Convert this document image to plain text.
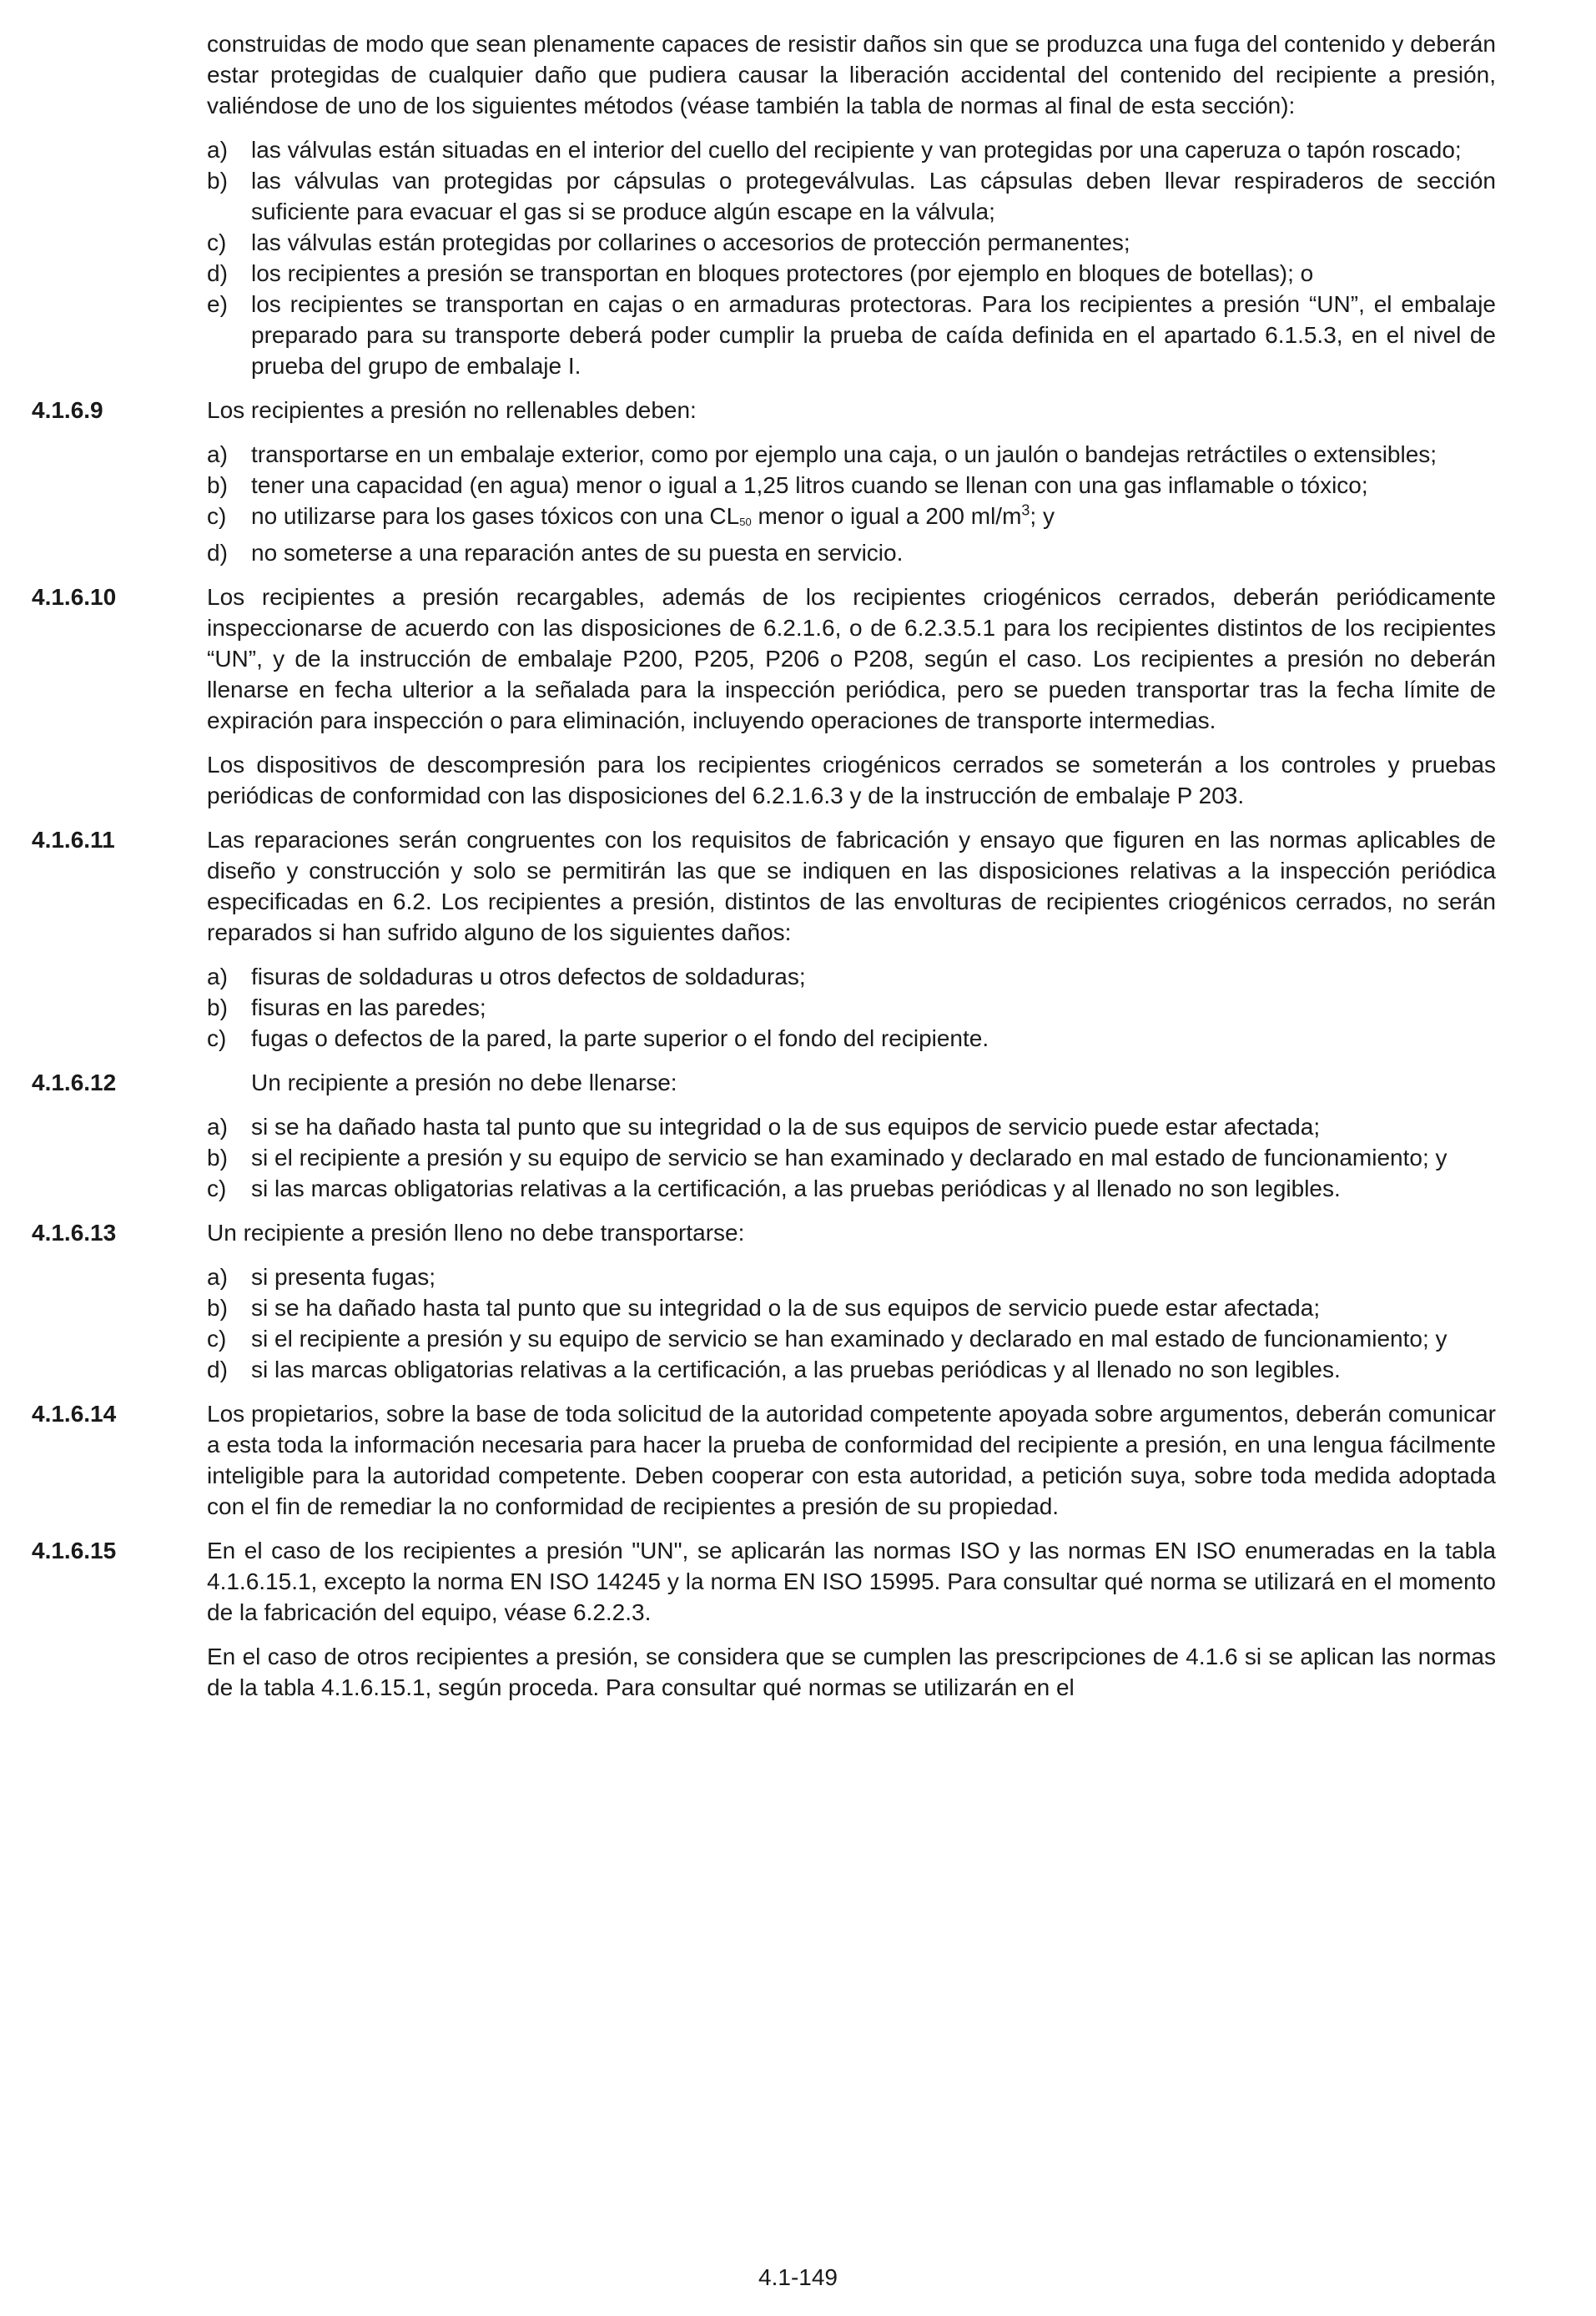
construidas de modo que sean plenamente capaces de resistir daños sin que se produzca una fuga del contenido y deberán estar protegidas de cualquier daño que pudiera causar la liberación accidental del contenido del recipiente a presión, valiéndose de uno de los siguientes métodos (véase también la tabla de normas al final de esta sección):
a) las válvulas están situadas en el interior del cuello del recipiente y van protegidas por una caperuza o tapón roscado;
b) las válvulas van protegidas por cápsulas o protegeválvulas. Las cápsulas deben llevar respiraderos de sección suficiente para evacuar el gas si se produce algún escape en la válvula;
c) las válvulas están protegidas por collarines o accesorios de protección permanentes;
d) los recipientes a presión se transportan en bloques protectores (por ejemplo en bloques de botellas); o
e) los recipientes se transportan en cajas o en armaduras protectoras. Para los recipientes a presión “UN”, el embalaje preparado para su transporte deberá poder cumplir la prueba de caída definida en el apartado 6.1.5.3, en el nivel de prueba del grupo de embalaje I.
4.1.6.9	Los recipientes a presión no rellenables deben:
a) transportarse en un embalaje exterior, como por ejemplo una caja, o un jaulón o bandejas retráctiles o extensibles;
b) tener una capacidad (en agua) menor o igual a 1,25 litros cuando se llenan con una gas inflamable o tóxico;
c) no utilizarse para los gases tóxicos con una $CL_{50}$ menor o igual a 200 $ml/m^3$; y
d) no someterse a una reparación antes de su puesta en servicio.
4.1.6.10	Los recipientes a presión recargables, además de los recipientes criogénicos cerrados, deberán periódicamente inspeccionarse de acuerdo con las disposiciones de 6.2.1.6, o de 6.2.3.5.1 para los recipientes distintos de los recipientes “UN”, y de la instrucción de embalaje P200, P205, P206 o P208, según el caso. Los recipientes a presión no deberán llenarse en fecha ulterior a la señalada para la inspección periódica, pero se pueden transportar tras la fecha límite de expiración para inspección o para eliminación, incluyendo operaciones de transporte intermedias.
Los dispositivos de descompresión para los recipientes criogénicos cerrados se someterán a los controles y pruebas periódicas de conformidad con las disposiciones del 6.2.1.6.3 y de la instrucción de embalaje P 203.
4.1.6.11	Las reparaciones serán congruentes con los requisitos de fabricación y ensayo que figuren en las normas aplicables de diseño y construcción y solo se permitirán las que se indiquen en las disposiciones relativas a la inspección periódica especificadas en 6.2. Los recipientes a presión, distintos de las envolturas de recipientes criogénicos cerrados, no serán reparados si han sufrido alguno de los siguientes daños:
a) fisuras de soldaduras u otros defectos de soldaduras;
b) fisuras en las paredes;
c) fugas o defectos de la pared, la parte superior o el fondo del recipiente.
4.1.6.12	Un recipiente a presión no debe llenarse:
a) si se ha dañado hasta tal punto que su integridad o la de sus equipos de servicio puede estar afectada;
b) si el recipiente a presión y su equipo de servicio se han examinado y declarado en mal estado de funcionamiento; y
c) si las marcas obligatorias relativas a la certificación, a las pruebas periódicas y al llenado no son legibles.
4.1.6.13	Un recipiente a presión lleno no debe transportarse:
a) si presenta fugas;
b) si se ha dañado hasta tal punto que su integridad o la de sus equipos de servicio puede estar afectada;
c) si el recipiente a presión y su equipo de servicio se han examinado y declarado en mal estado de funcionamiento; y
d) si las marcas obligatorias relativas a la certificación, a las pruebas periódicas y al llenado no son legibles.
4.1.6.14	Los propietarios, sobre la base de toda solicitud de la autoridad competente apoyada sobre argumentos, deberán comunicar a esta toda la información necesaria para hacer la prueba de conformidad del recipiente a presión, en una lengua fácilmente inteligible para la autoridad competente. Deben cooperar con esta autoridad, a petición suya, sobre toda medida adoptada con el fin de remediar la no conformidad de recipientes a presión de su propiedad.
4.1.6.15	En el caso de los recipientes a presión "UN", se aplicarán las normas ISO y las normas EN ISO enumeradas en la tabla 4.1.6.15.1, excepto la norma EN ISO 14245 y la norma EN ISO 15995. Para consultar qué norma se utilizará en el momento de la fabricación del equipo, véase 6.2.2.3.
En el caso de otros recipientes a presión, se considera que se cumplen las prescripciones de 4.1.6 si se aplican las normas de la tabla 4.1.6.15.1, según proceda. Para consultar qué normas se utilizarán en el
4.1-149
